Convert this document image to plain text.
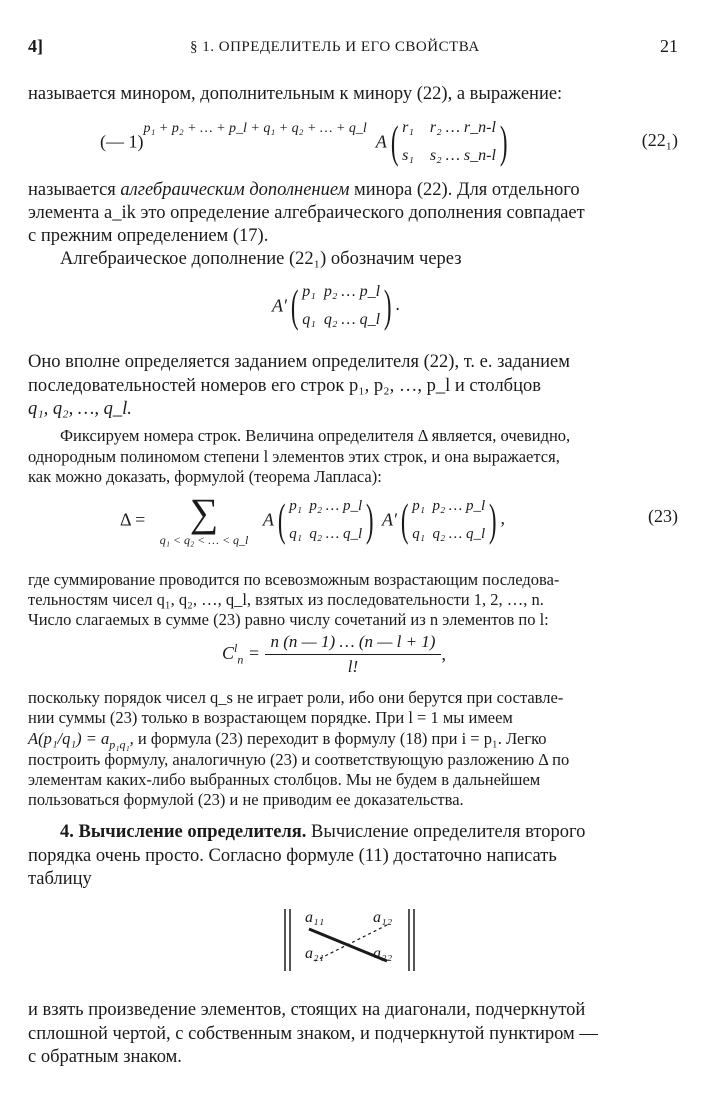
4]	§ 1. ОПРЕДЕЛИТЕЛЬ И ЕГО СВОЙСТВА	21
называется минором, дополнительным к минору (22), а выражение:
(— 1)$^{p_1 + p_2 + \dots + p\_l + q_1 + q_2 + \dots + q\_l}$  A( r₁    r₂ … r_n-l
s₁    s₂ … s_n-l )	(22₁)
называется алгебраическим дополнением минора (22). Для отдельного
элемента a_ik это определение алгебраического дополнения совпадает
с прежним определением (17).
Алгебраическое дополнение (22₁) обозначим через
A′( p₁  p₂ … p_l
q₁  q₂ … q_l ) .
Оно вполне определяется заданием определителя (22), т. е. заданием
последовательностей номеров его строк p₁, p₂, …, p_l и столбцов
q₁, q₂, …, q_l.
Фиксируем номера строк. Величина определителя Δ является, очевидно,
однородным полиномом степени l элементов этих строк, и она выражается,
как можно доказать, формулой (теорема Лапласа):
Δ =	∑
q₁ < q₂ < … < q_l
A( p₁  p₂ … p_l
q₁  q₂ … q_l ) A′( p₁  p₂ … p_l
q₁  q₂ … q_l ) ,	(23)
где суммирование проводится по всевозможным возрастающим последова-
тельностям чисел q₁, q₂, …, q_l, взятых из последовательности 1, 2, …, n.
Число слагаемых в сумме (23) равно числу сочетаний из n элементов по l:
$C^l_n = \frac{n (n — 1) \dots (n — l + 1)}{l!}$ ,
поскольку порядок чисел q_s не играет роли, ибо они берутся при составле-
нии суммы (23) только в возрастающем порядке. При l = 1 мы имеем
$A(p_1/q_1) = a_{p_1q_1}$, и формула (23) переходит в формулу (18) при i = p₁. Легко
построить формулу, аналогичную (23) и соответствующую разложению Δ по
элементам каких-либо выбранных столбцов. Мы не будем в дальнейшем
пользоваться формулой (23) и не приводим ее доказательства.
4. Вычисление определителя. Вычисление определителя второго
порядка очень просто. Согласно формуле (11) достаточно написать
таблицу
a₁₁	a₁₂
a₂₁	a₂₂
и взять произведение элементов, стоящих на диагонали, подчеркнутой
сплошной чертой, с собственным знаком, и подчеркнутой пунктиром —
с обратным знаком.
